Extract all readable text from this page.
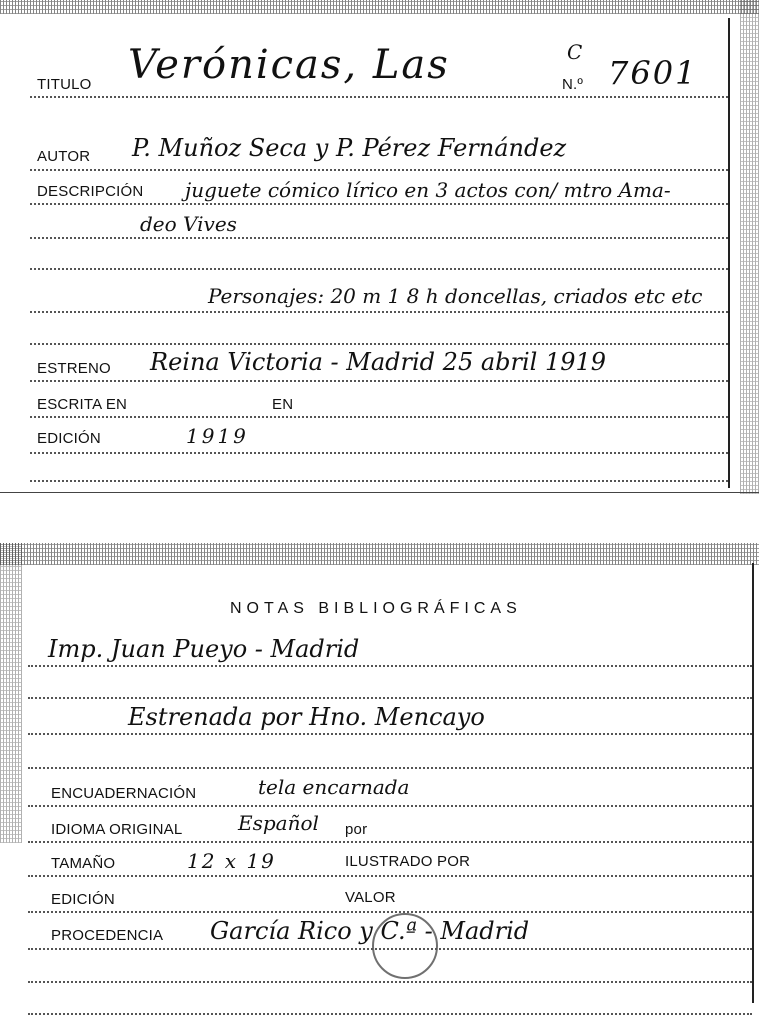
TITULO Verónicas, Las	C
N.º 7601
AUTOR P. Muñoz Seca y P. Pérez Fernández
DESCRIPCIÓN juguete cómico lírico en 3 actos con/ mtro Ama-
deo Vives
Personajes: 20 m 1 8 h doncellas, criados etc etc
ESTRENO Reina Victoria - Madrid 25 abril 1919
ESCRITA EN	EN
EDICIÓN	1919
NOTAS BIBLIOGRÁFICAS
Imp. Juan Pueyo - Madrid
Estrenada por Hno. Mencayo
ENCUADERNACIÓN	tela encarnada
IDIOMA ORIGINAL	Español por
TAMAÑO	12 x 19	ILUSTRADO POR
EDICIÓN	VALOR
PROCEDENCIA García Rico y C.ª - Madrid
